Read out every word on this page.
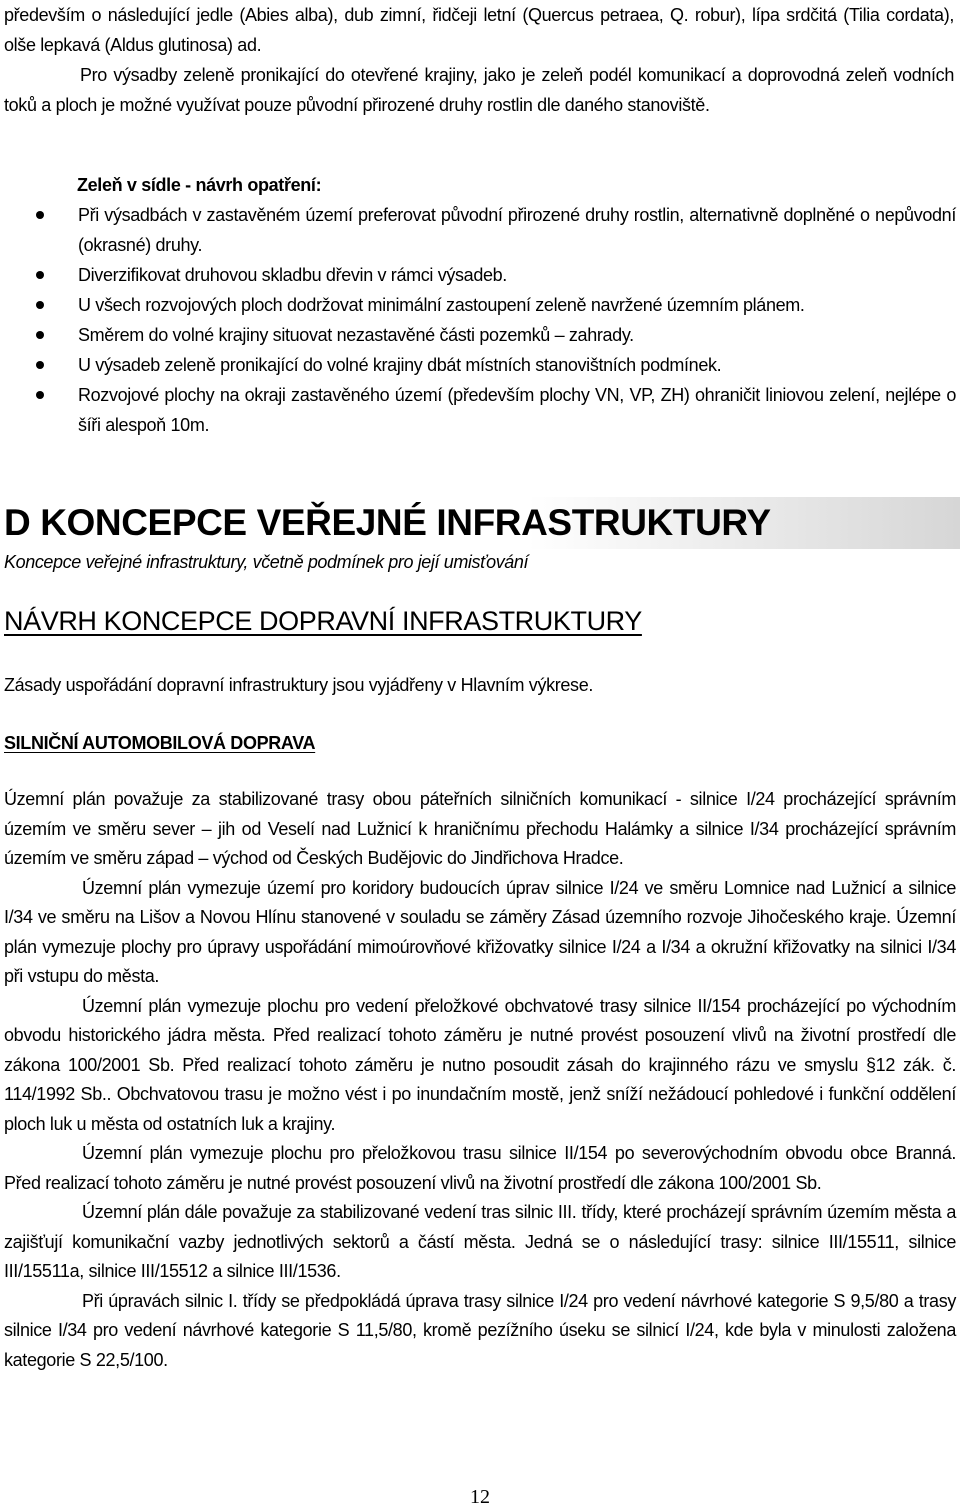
především o následující jedle (Abies alba), dub zimní, řidčeji letní (Quercus petraea, Q. robur), lípa srdčitá (Tilia cordata), olše lepkavá (Aldus glutinosa) ad.

Pro výsadby zeleně pronikající do otevřené krajiny, jako je zeleň podél komunikací a doprovodná zeleň vodních toků a ploch je možné využívat pouze původní přirozené druhy rostlin dle daného stanoviště.

Zeleň v sídle - návrh opatření:
Při výsadbách v zastavěném území preferovat původní přirozené druhy rostlin, alternativně doplněné o nepůvodní (okrasné) druhy.
Diverzifikovat druhovou skladbu dřevin v rámci výsadeb.
U všech rozvojových ploch dodržovat minimální zastoupení zeleně navržené územním plánem.
Směrem do volné krajiny situovat nezastavěné části pozemků – zahrady.
U výsadeb zeleně pronikající do volné krajiny dbát místních stanovištních podmínek.
Rozvojové plochy na okraji zastavěného území (především plochy VN, VP, ZH) ohraničit liniovou zelení, nejlépe o šíři alespoň 10m.
D KONCEPCE VEŘEJNÉ INFRASTRUKTURY
Koncepce veřejné infrastruktury, včetně podmínek pro její umisťování
NÁVRH KONCEPCE DOPRAVNÍ INFRASTRUKTURY

Zásady uspořádání dopravní infrastruktury jsou vyjádřeny v Hlavním výkrese.

SILNIČNÍ AUTOMOBILOVÁ DOPRAVA

Územní plán považuje za stabilizované trasy obou páteřních silničních komunikací - silnice I/24 procházející správním územím ve směru sever – jih od Veselí nad Lužnicí k hraničnímu přechodu Halámky a silnice I/34 procházející správním územím ve směru západ – východ od Českých Budějovic do Jindřichova Hradce.

Územní plán vymezuje území pro koridory budoucích úprav silnice I/24 ve směru Lomnice nad Lužnicí a silnice I/34 ve směru na Lišov a Novou Hlínu stanovené v souladu se záměry Zásad územního rozvoje Jihočeského kraje. Územní plán vymezuje plochy pro úpravy uspořádání mimoúrovňové křižovatky silnice I/24 a I/34 a okružní křižovatky na silnici I/34 při vstupu do města.

Územní plán vymezuje plochu pro vedení přeložkové obchvatové trasy silnice II/154 procházející po východním obvodu historického jádra města. Před realizací tohoto záměru je nutné provést posouzení vlivů na životní prostředí dle zákona 100/2001 Sb. Před realizací tohoto záměru je nutno posoudit zásah do krajinného rázu ve smyslu §12 zák. č. 114/1992 Sb.. Obchvatovou trasu je možno vést i po inundačním mostě, jenž sníží nežádoucí pohledové i funkční oddělení ploch luk u města od ostatních luk a krajiny.

Územní plán vymezuje plochu pro přeložkovou trasu silnice II/154 po severovýchodním obvodu obce Branná. Před realizací tohoto záměru je nutné provést posouzení vlivů na životní prostředí dle zákona 100/2001 Sb.

Územní plán dále považuje za stabilizované vedení tras silnic III. třídy, které procházejí správním územím města a zajišťují komunikační vazby jednotlivých sektorů a částí města. Jedná se o následující trasy: silnice III/15511, silnice III/15511a, silnice III/15512 a silnice III/1536.

Při úpravách silnic I. třídy se předpokládá úprava trasy silnice I/24 pro vedení návrhové kategorie S 9,5/80 a trasy silnice I/34 pro vedení návrhové kategorie S 11,5/80, kromě pezížního úseku se silnicí I/24, kde byla v minulosti založena kategorie S 22,5/100.

12
